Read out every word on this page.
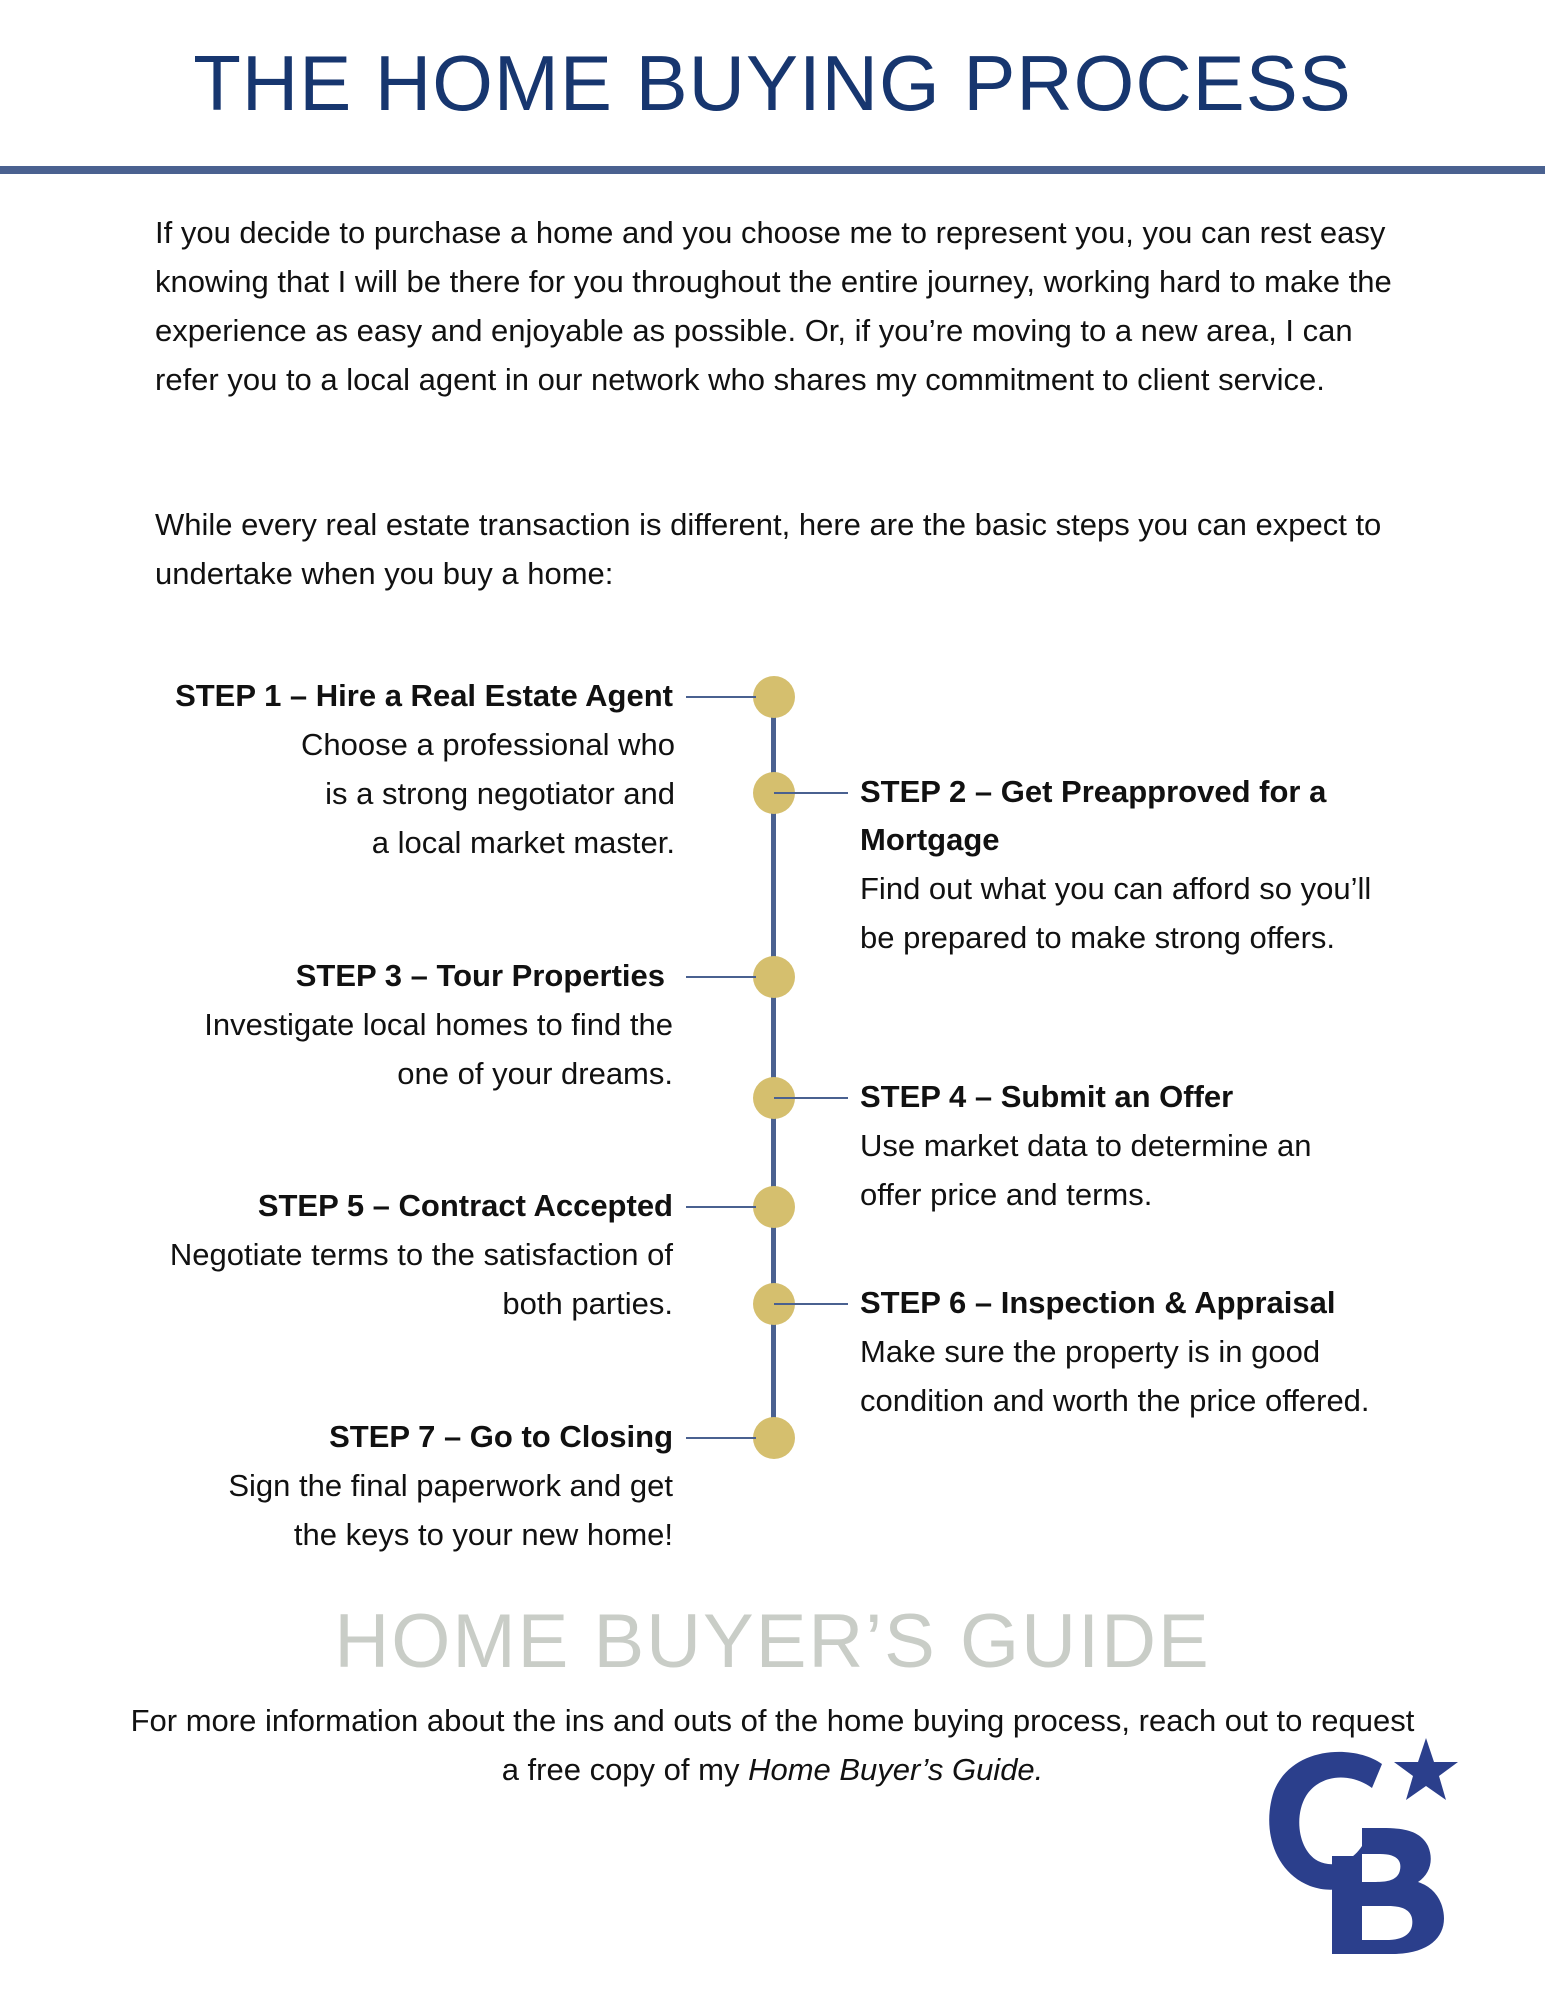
THE HOME BUYING PROCESS

If you decide to purchase a home and you choose me to represent you, you can rest easy knowing that I will be there for you throughout the entire journey, working hard to make the experience as easy and enjoyable as possible. Or, if you’re moving to a new area, I can refer you to a local agent in our network who shares my commitment to client service.

While every real estate transaction is different, here are the basic steps you can expect to undertake when you buy a home:

STEP 1 – Hire a Real Estate Agent
Choose a professional who is a strong negotiator and a local market master.
STEP 2 – Get Preapproved for a Mortgage
Find out what you can afford so you’ll be prepared to make strong offers.
STEP 3 – Tour Properties
Investigate local homes to find the one of your dreams.
STEP 4 – Submit an Offer
Use market data to determine an offer price and terms.
STEP 5 – Contract Accepted
Negotiate terms to the satisfaction of both parties.	STEP 6 – Inspection & Appraisal
Make sure the property is in good condition and worth the price offered.
STEP 7 – Go to Closing
Sign the final paperwork and get the keys to your new home!
HOME BUYER’S GUIDE
For more information about the ins and outs of the home buying process, reach out to request a free copy of my Home Buyer’s Guide.
